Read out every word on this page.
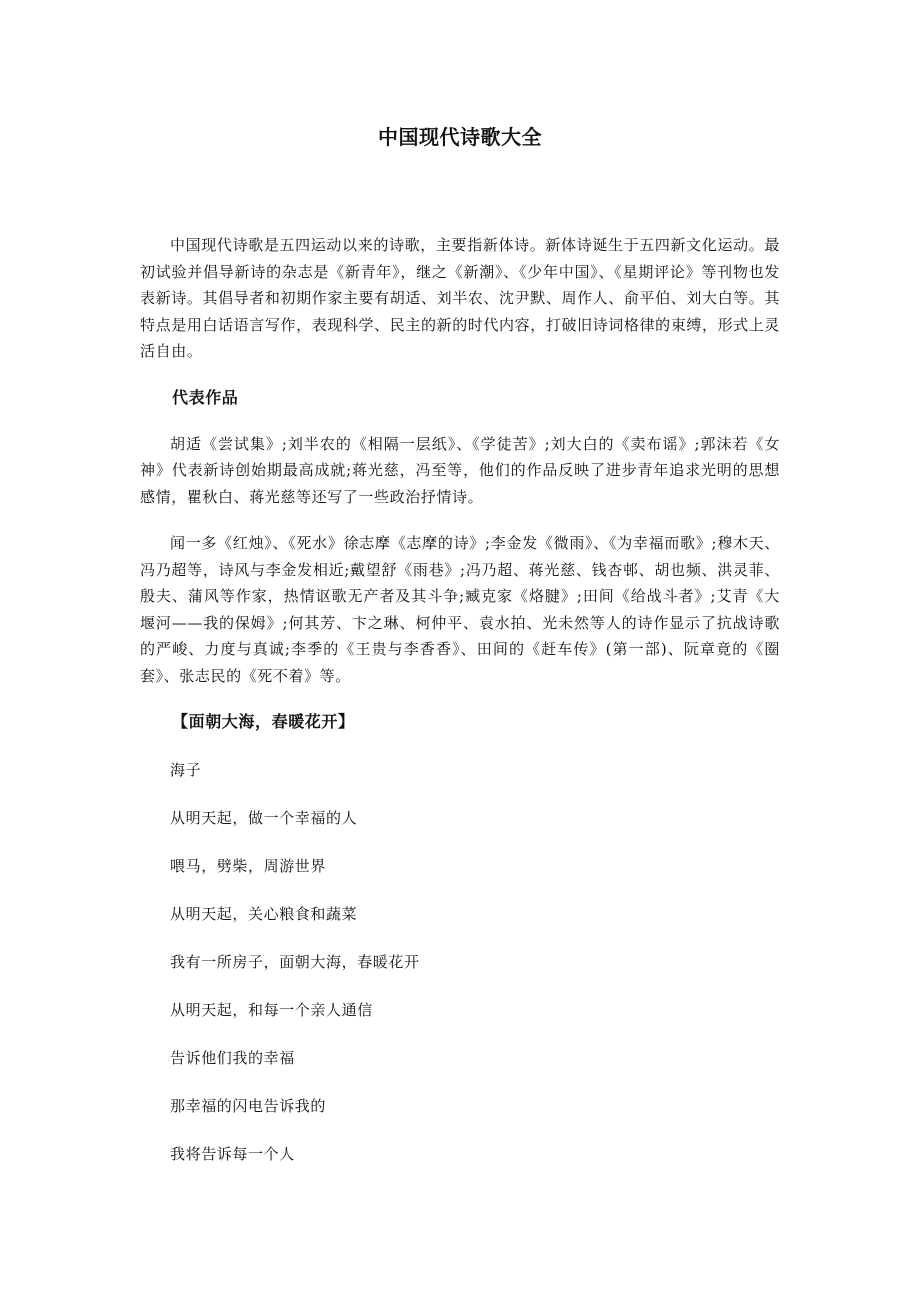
中国现代诗歌大全

中国现代诗歌是五四运动以来的诗歌，主要指新体诗。新体诗诞生于五四新文化运动。最初试验并倡导新诗的杂志是《新青年》，继之《新潮》、《少年中国》、《星期评论》等刊物也发表新诗。其倡导者和初期作家主要有胡适、刘半农、沈尹默、周作人、俞平伯、刘大白等。其特点是用白话语言写作，表现科学、民主的新的时代内容，打破旧诗词格律的束缚，形式上灵活自由。

代表作品

胡适《尝试集》;刘半农的《相隔一层纸》、《学徒苦》;刘大白的《卖布谣》;郭沫若《女神》代表新诗创始期最高成就;蒋光慈，冯至等，他们的作品反映了进步青年追求光明的思想感情，瞿秋白、蒋光慈等还写了一些政治抒情诗。

闻一多《红烛》、《死水》徐志摩《志摩的诗》;李金发《微雨》、《为幸福而歌》;穆木天、冯乃超等，诗风与李金发相近;戴望舒《雨巷》;冯乃超、蒋光慈、钱杏邨、胡也频、洪灵菲、殷夫、蒲风等作家，热情讴歌无产者及其斗争;臧克家《烙腱》;田间《给战斗者》;艾青《大堰河——我的保姆》;何其芳、卞之琳、柯仲平、袁水拍、光未然等人的诗作显示了抗战诗歌的严峻、力度与真诚;李季的《王贵与李香香》、田间的《赶车传》(第一部)、阮章竟的《圈套》、张志民的《死不着》等。

【面朝大海，春暖花开】

海子

从明天起，做一个幸福的人

喂马，劈柴，周游世界

从明天起，关心粮食和蔬菜

我有一所房子，面朝大海，春暖花开

从明天起，和每一个亲人通信

告诉他们我的幸福

那幸福的闪电告诉我的

我将告诉每一个人
